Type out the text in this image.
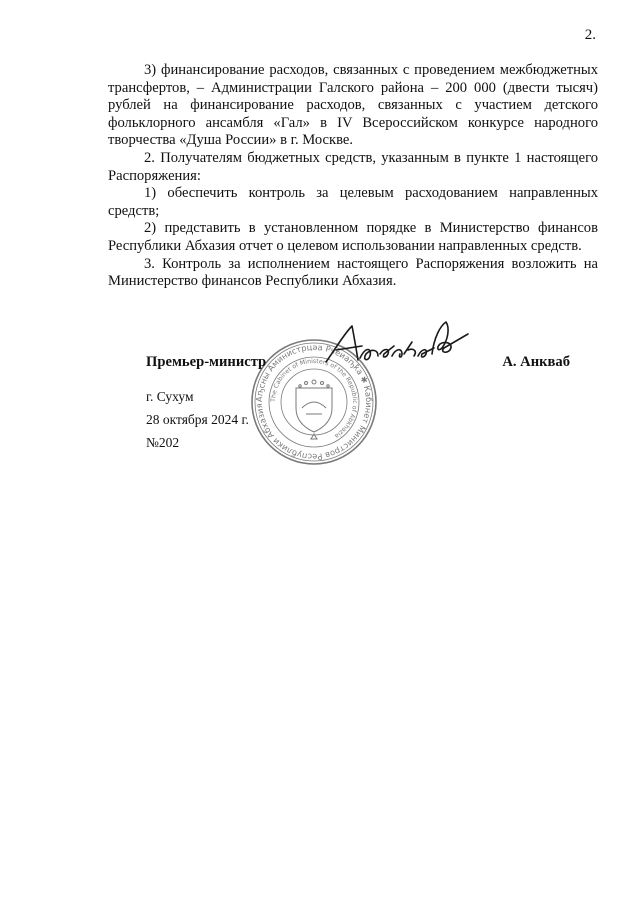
2.

3) финансирование расходов, связанных с проведением межбюджетных трансфертов, – Администрации Галского района – 200 000 (двести тысяч) рублей на финансирование расходов, связанных с участием детского фольклорного ансамбля «Гал» в IV Всероссийском конкурсе народного творчества «Душа России» в г. Москве.

2. Получателям бюджетных средств, указанным в пункте 1 настоящего Распоряжения:

1) обеспечить контроль за целевым расходованием направленных средств;

2) представить в установленном порядке в Министерство финансов Республики Абхазия отчет о целевом использовании направленных средств.

3. Контроль за исполнением настоящего Распоряжения возложить на Министерство финансов Республики Абхазия.

Аҧсны Аминистрцәа Рчеиаҧҟа ✱ Кабинет Министров Республики Абхазия
The Cabinet of Ministers of the Republic of Abkhazia
Премьер-министр	А. Анкваб
г. Сухум
28 октября 2024 г.
№202
